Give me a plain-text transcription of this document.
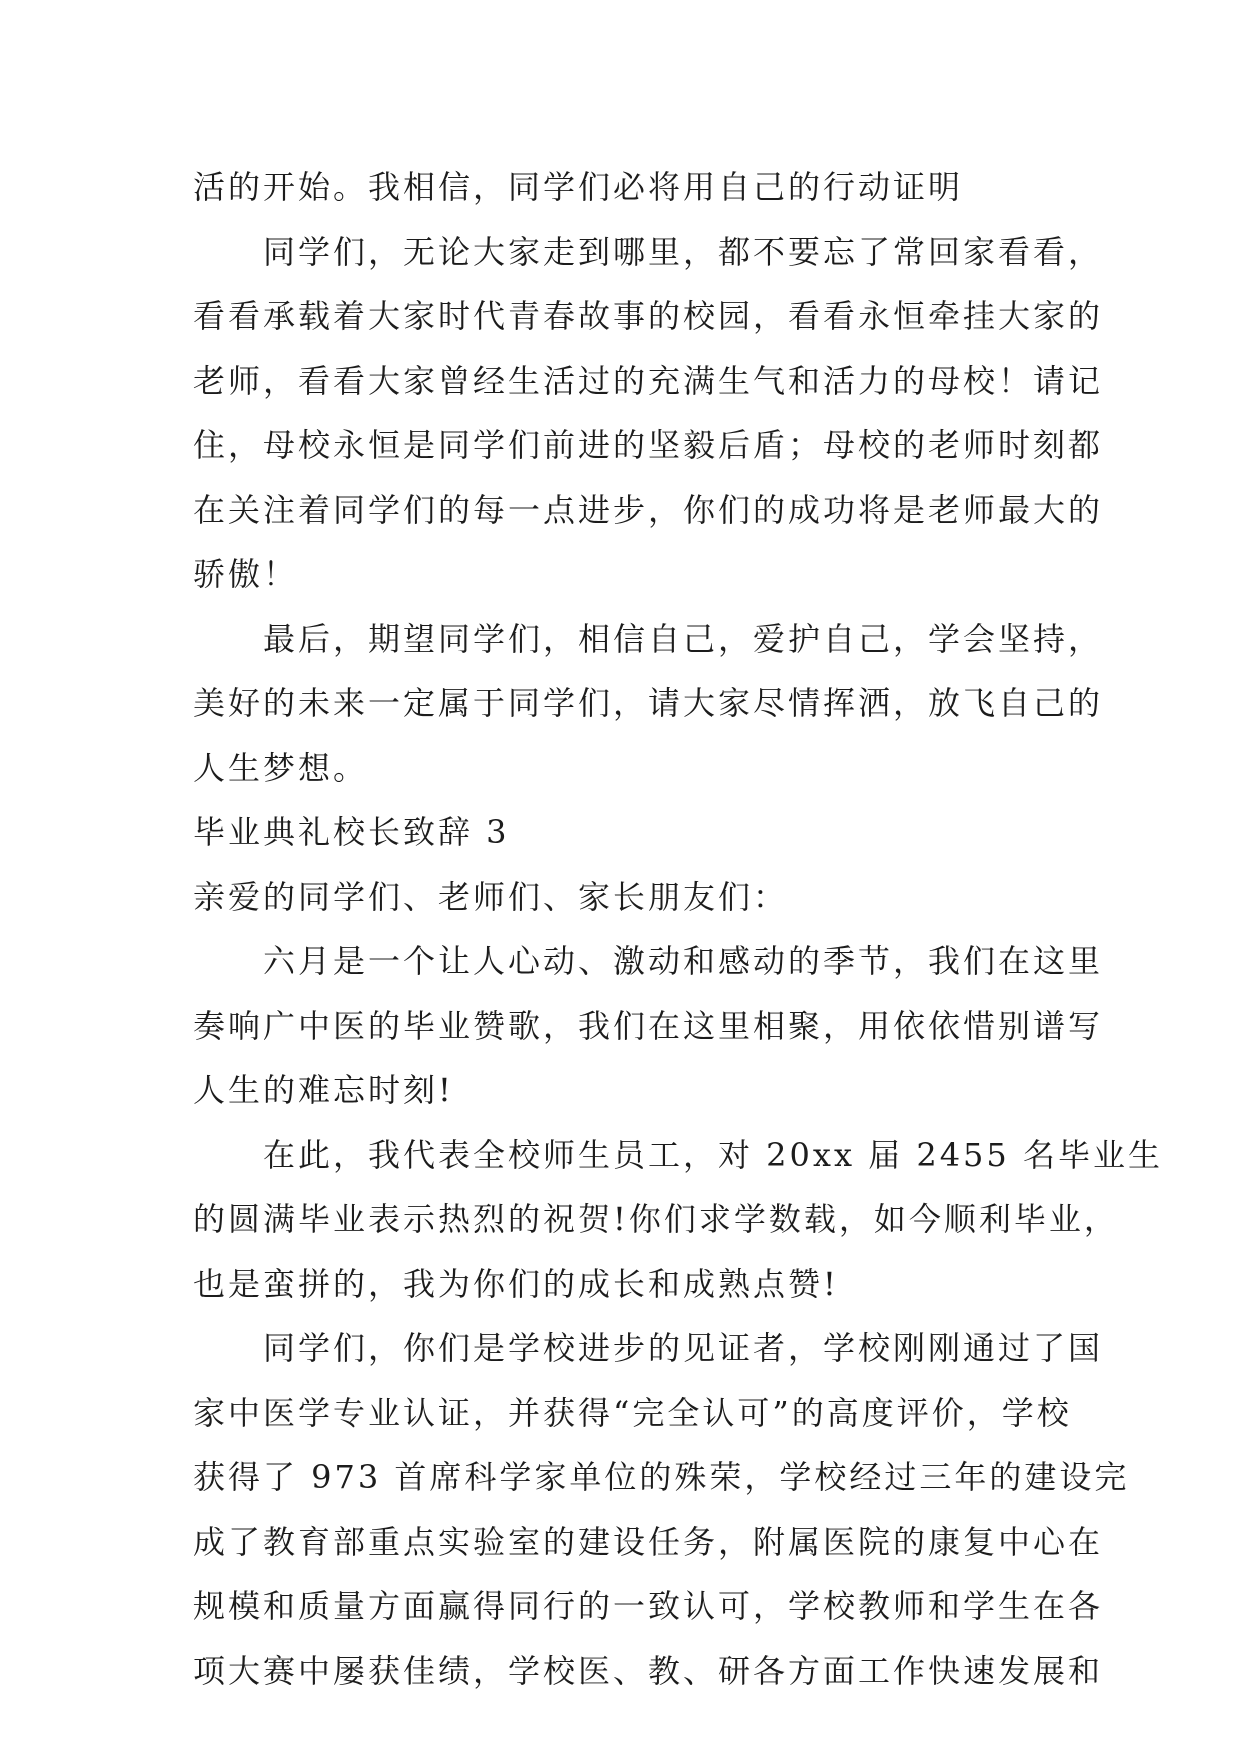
活的开始。我相信，同学们必将用自己的行动证明
同学们，无论大家走到哪里，都不要忘了常回家看看，
看看承载着大家时代青春故事的校园，看看永恒牵挂大家的
老师，看看大家曾经生活过的充满生气和活力的母校！请记
住，母校永恒是同学们前进的坚毅后盾；母校的老师时刻都
在关注着同学们的每一点进步，你们的成功将是老师最大的
骄傲！
最后，期望同学们，相信自己，爱护自己，学会坚持，
美好的未来一定属于同学们，请大家尽情挥洒，放飞自己的
人生梦想。
毕业典礼校长致辞 3
亲爱的同学们、老师们、家长朋友们：
六月是一个让人心动、激动和感动的季节，我们在这里
奏响广中医的毕业赞歌，我们在这里相聚，用依依惜别谱写
人生的难忘时刻!
在此，我代表全校师生员工，对 20xx 届 2455 名毕业生
的圆满毕业表示热烈的祝贺!你们求学数载，如今顺利毕业，
也是蛮拼的，我为你们的成长和成熟点赞!
同学们，你们是学校进步的见证者，学校刚刚通过了国
家中医学专业认证，并获得“完全认可”的高度评价，学校
获得了 973 首席科学家单位的殊荣，学校经过三年的建设完
成了教育部重点实验室的建设任务，附属医院的康复中心在
规模和质量方面赢得同行的一致认可，学校教师和学生在各
项大赛中屡获佳绩，学校医、教、研各方面工作快速发展和
